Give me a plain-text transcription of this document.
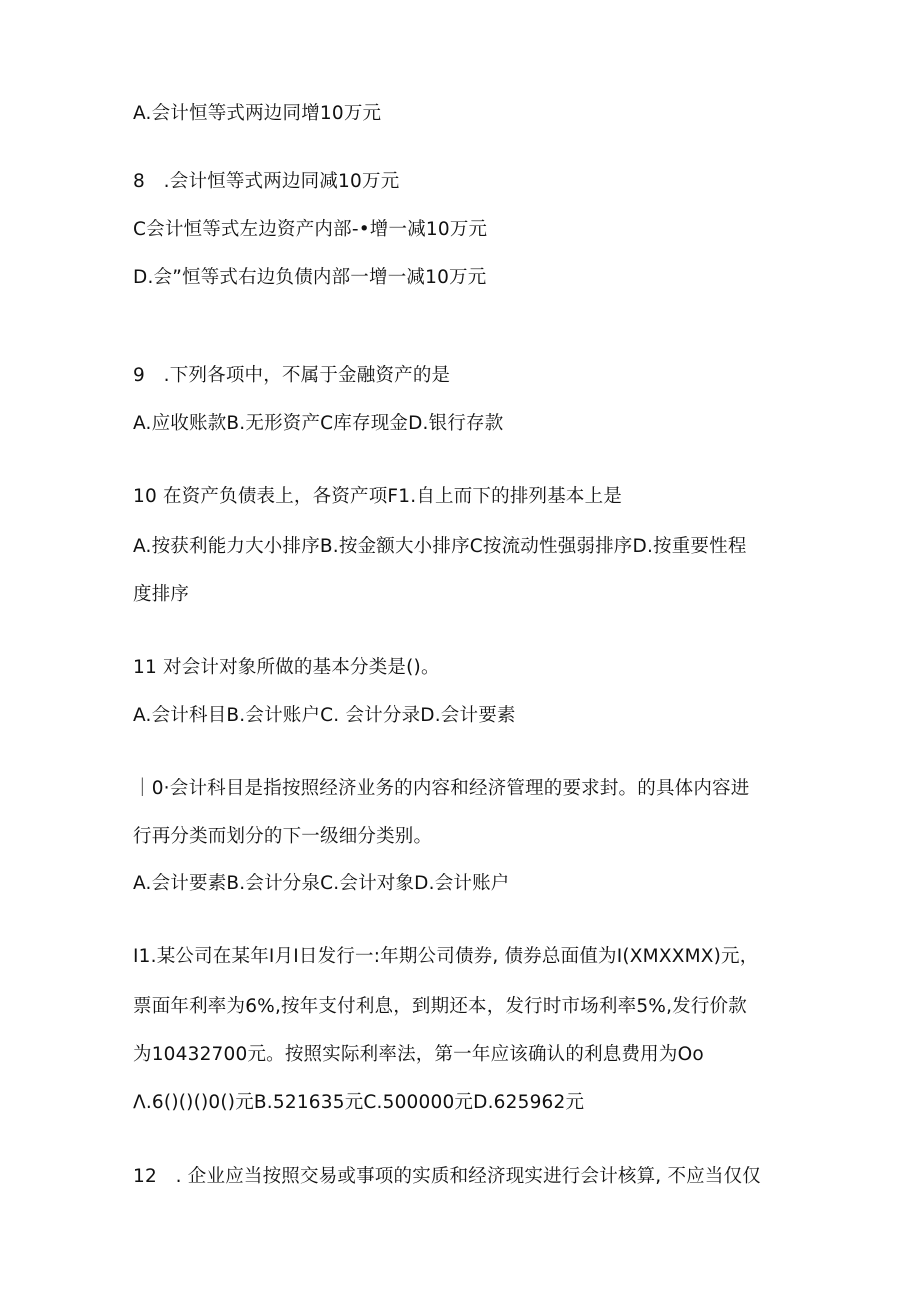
A.会计恒等式两边同增10万元
8　.会计恒等式两边同减10万元
C会计恒等式左边资产内部-•增一减10万元
D.会”恒等式右边负债内部一增一减10万元
9　.下列各项中，不属于金融资产的是
A.应收账款B.无形资产C库存现金D.银行存款
10 在资产负债表上，各资产项F1.自上而下的排列基本上是
A.按获利能力大小排序B.按金额大小排序C按流动性强弱排序D.按重要性程
度排序
11 对会计对象所做的基本分类是()。
A.会计科目B.会计账户C. 会计分录D.会计要素
｜0·会计科目是指按照经济业务的内容和经济管理的要求封。的具体内容进
行再分类而划分的下一级细分类别。
A.会计要素B.会计分泉C.会计对象D.会计账户
I1.某公司在某年I月I日发行一:年期公司债券, 债券总面值为I(XMXXMX)元，
票面年利率为6%,按年支付利息，到期还本，发行时市场利率5%,发行价款
为10432700元。按照实际利率法，第一年应该确认的利息费用为Oo
Λ.6()()()0()元B.521635元C.500000元D.625962元
12　. 企业应当按照交易或事项的实质和经济现实进行会计核算, 不应当仅仅
